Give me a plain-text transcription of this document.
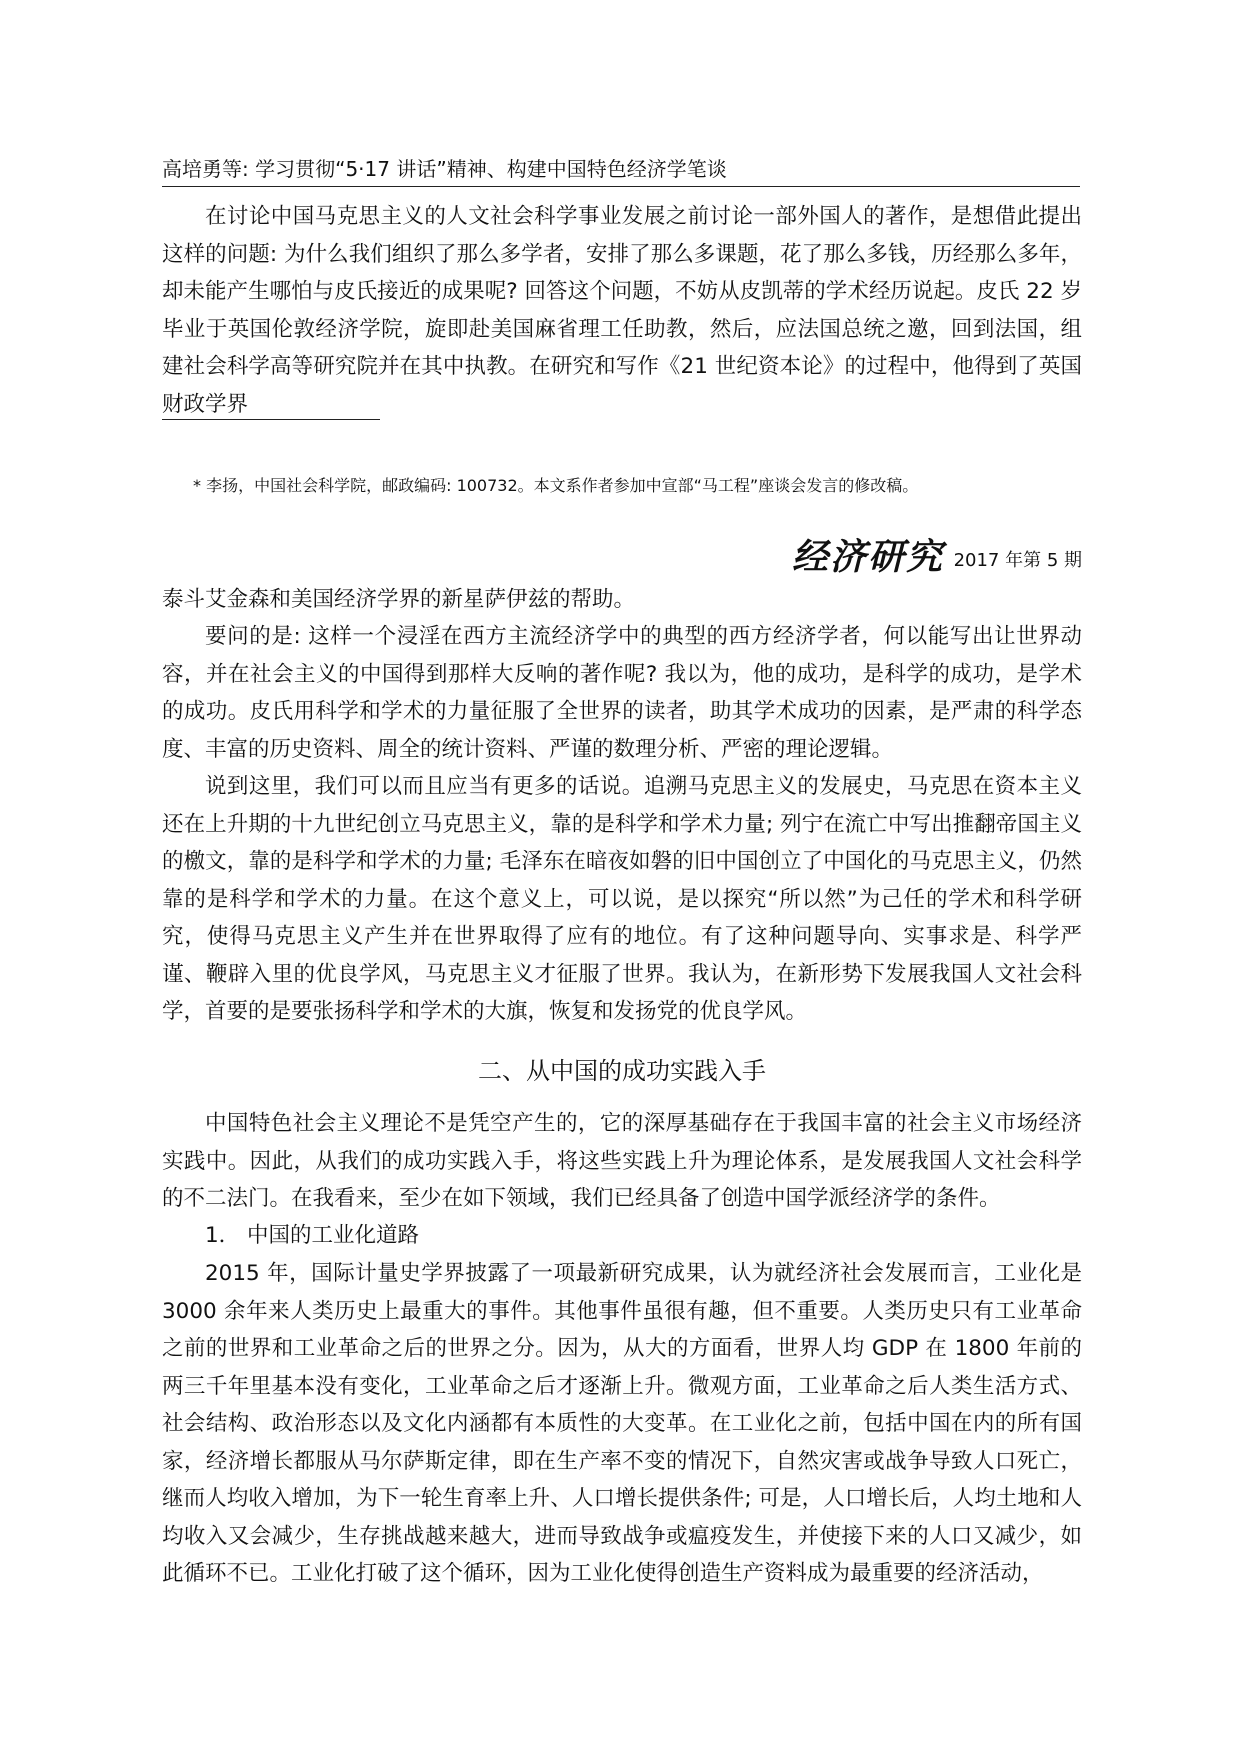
高培勇等: 学习贯彻“5·17 讲话”精神、构建中国特色经济学笔谈

在讨论中国马克思主义的人文社会科学事业发展之前讨论一部外国人的著作，是想借此提出这样的问题: 为什么我们组织了那么多学者，安排了那么多课题，花了那么多钱，历经那么多年，却未能产生哪怕与皮氏接近的成果呢? 回答这个问题，不妨从皮凯蒂的学术经历说起。皮氏 22 岁毕业于英国伦敦经济学院，旋即赴美国麻省理工任助教，然后，应法国总统之邀，回到法国，组建社会科学高等研究院并在其中执教。在研究和写作《21 世纪资本论》的过程中，他得到了英国财政学界

* 李扬，中国社会科学院，邮政编码: 100732。本文系作者参加中宣部“马工程”座谈会发言的修改稿。
经济研究 2017 年第 5 期

泰斗艾金森和美国经济学界的新星萨伊兹的帮助。

要问的是: 这样一个浸淫在西方主流经济学中的典型的西方经济学者，何以能写出让世界动容，并在社会主义的中国得到那样大反响的著作呢? 我以为，他的成功，是科学的成功，是学术的成功。皮氏用科学和学术的力量征服了全世界的读者，助其学术成功的因素，是严肃的科学态度、丰富的历史资料、周全的统计资料、严谨的数理分析、严密的理论逻辑。

说到这里，我们可以而且应当有更多的话说。追溯马克思主义的发展史，马克思在资本主义还在上升期的十九世纪创立马克思主义，靠的是科学和学术力量; 列宁在流亡中写出推翻帝国主义的檄文，靠的是科学和学术的力量; 毛泽东在暗夜如磐的旧中国创立了中国化的马克思主义，仍然靠的是科学和学术的力量。在这个意义上，可以说，是以探究“所以然”为己任的学术和科学研究，使得马克思主义产生并在世界取得了应有的地位。有了这种问题导向、实事求是、科学严谨、鞭辟入里的优良学风，马克思主义才征服了世界。我认为，在新形势下发展我国人文社会科学，首要的是要张扬科学和学术的大旗，恢复和发扬党的优良学风。

二、从中国的成功实践入手

中国特色社会主义理论不是凭空产生的，它的深厚基础存在于我国丰富的社会主义市场经济实践中。因此，从我们的成功实践入手，将这些实践上升为理论体系，是发展我国人文社会科学的不二法门。在我看来，至少在如下领域，我们已经具备了创造中国学派经济学的条件。

1． 中国的工业化道路

2015 年，国际计量史学界披露了一项最新研究成果，认为就经济社会发展而言，工业化是 3000 余年来人类历史上最重大的事件。其他事件虽很有趣，但不重要。人类历史只有工业革命之前的世界和工业革命之后的世界之分。因为，从大的方面看，世界人均 GDP 在 1800 年前的两三千年里基本没有变化，工业革命之后才逐渐上升。微观方面，工业革命之后人类生活方式、社会结构、政治形态以及文化内涵都有本质性的大变革。在工业化之前，包括中国在内的所有国家，经济增长都服从马尔萨斯定律，即在生产率不变的情况下，自然灾害或战争导致人口死亡，继而人均收入增加，为下一轮生育率上升、人口增长提供条件; 可是，人口增长后，人均土地和人均收入又会减少，生存挑战越来越大，进而导致战争或瘟疫发生，并使接下来的人口又减少，如此循环不已。工业化打破了这个循环，因为工业化使得创造生产资料成为最重要的经济活动，
